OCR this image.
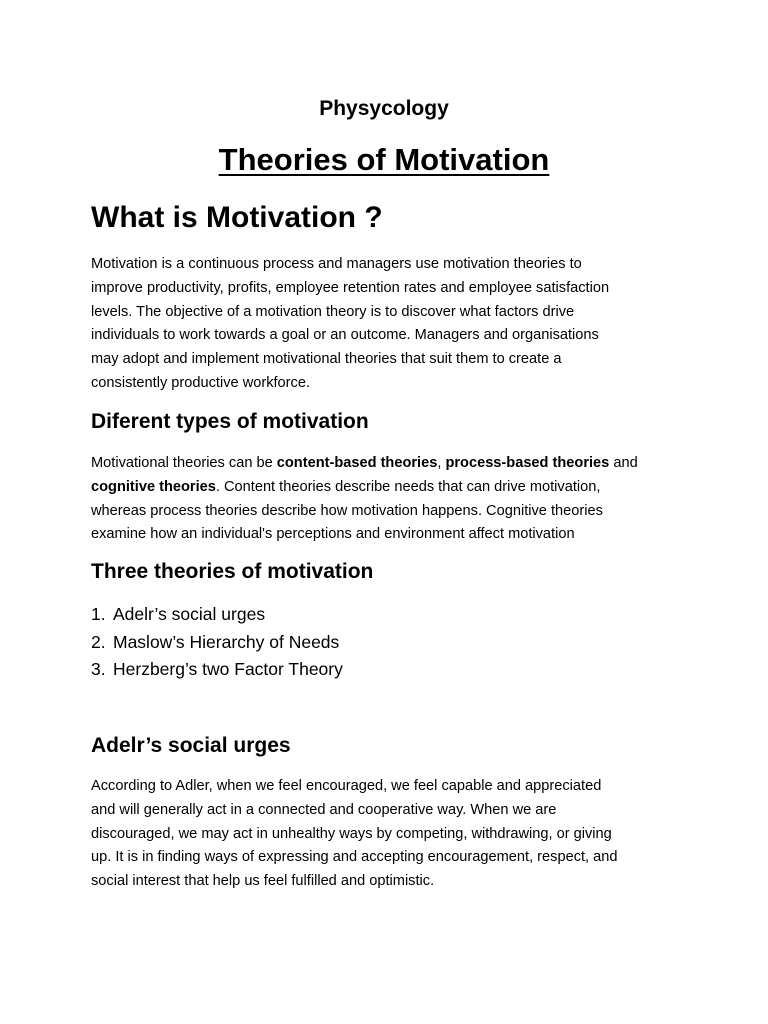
Physycology
Theories of Motivation
What is Motivation ?
Motivation is a continuous process and managers use motivation theories to
improve productivity, profits, employee retention rates and employee satisfaction
levels. The objective of a motivation theory is to discover what factors drive
individuals to work towards a goal or an outcome. Managers and organisations
may adopt and implement motivational theories that suit them to create a
consistently productive workforce.
Diferent types of motivation
Motivational theories can be content-based theories, process-based theories and
cognitive theories. Content theories describe needs that can drive motivation,
whereas process theories describe how motivation happens. Cognitive theories
examine how an individual's perceptions and environment affect motivation
Three theories of motivation
1. Adelr’s social urges
2. Maslow’s Hierarchy of Needs
3. Herzberg’s two Factor Theory
Adelr’s social urges
According to Adler, when we feel encouraged, we feel capable and appreciated
and will generally act in a connected and cooperative way. When we are
discouraged, we may act in unhealthy ways by competing, withdrawing, or giving
up. It is in finding ways of expressing and accepting encouragement, respect, and
social interest that help us feel fulfilled and optimistic.
